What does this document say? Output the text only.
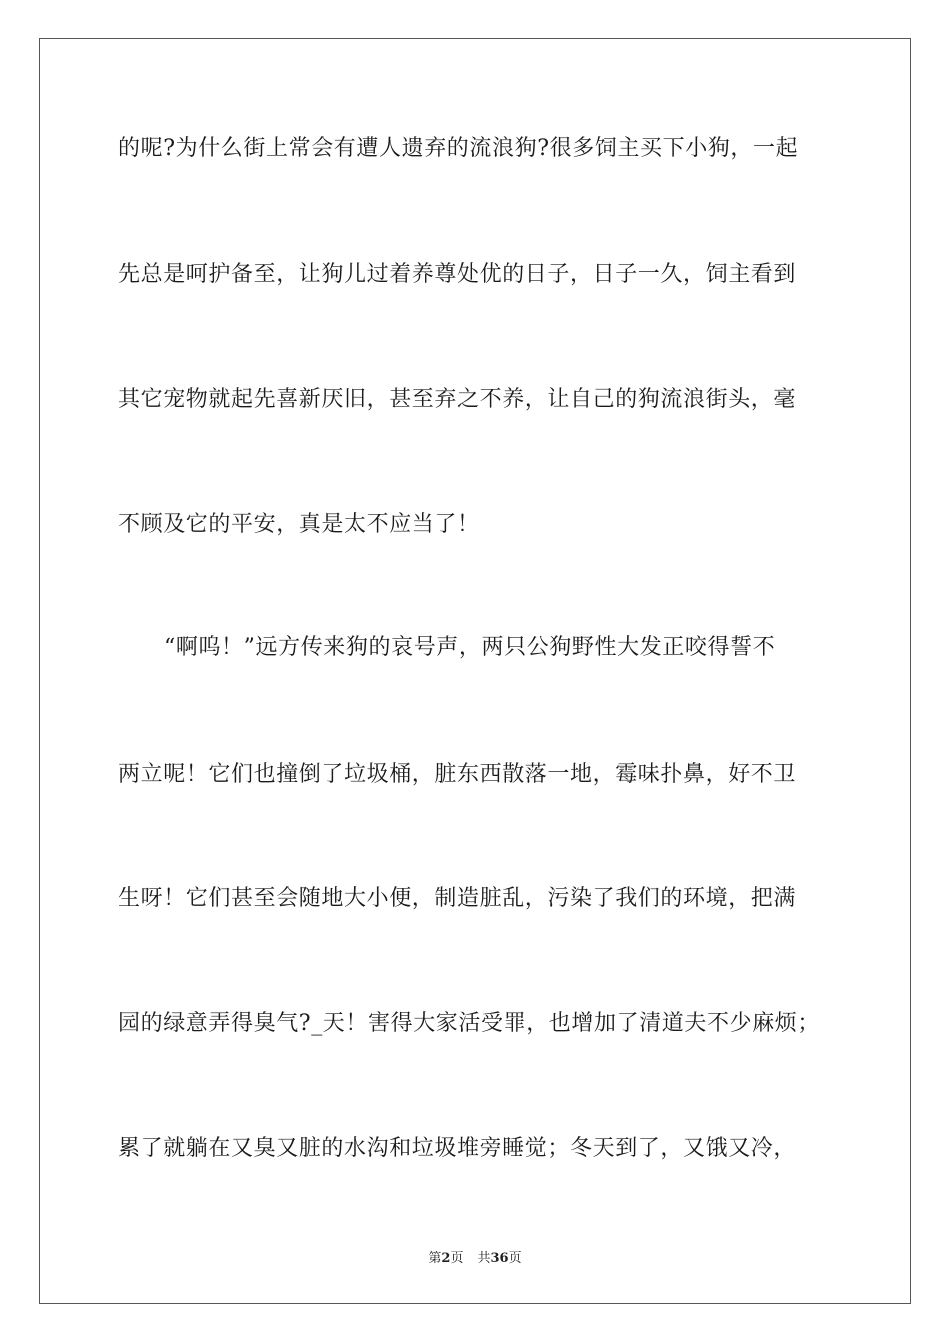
的呢?为什么街上常会有遭人遗弃的流浪狗?很多饲主买下小狗，一起
先总是呵护备至，让狗儿过着养尊处优的日子，日子一久，饲主看到
其它宠物就起先喜新厌旧，甚至弃之不养，让自己的狗流浪街头，毫
不顾及它的平安，真是太不应当了！
“啊呜！”远方传来狗的哀号声，两只公狗野性大发正咬得誓不
两立呢！它们也撞倒了垃圾桶，脏东西散落一地，霉味扑鼻，好不卫
生呀！它们甚至会随地大小便，制造脏乱，污染了我们的环境，把满
园的绿意弄得臭气?_天！害得大家活受罪，也增加了清道夫不少麻烦；
累了就躺在又臭又脏的水沟和垃圾堆旁睡觉；冬天到了，又饿又冷，
第2页 共36页
